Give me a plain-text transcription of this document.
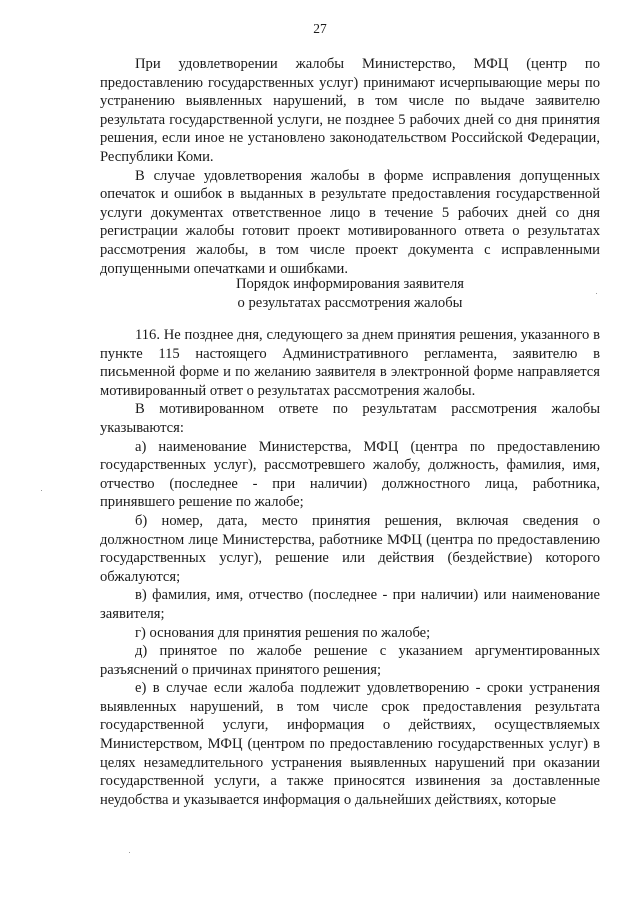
27

При удовлетворении жалобы Министерство, МФЦ (центр по предоставлению государственных услуг) принимают исчерпывающие меры по устранению выявленных нарушений, в том числе по выдаче заявителю результата государственной услуги, не позднее 5 рабочих дней со дня принятия решения, если иное не установлено законодательством Российской Федерации, Республики Коми.

В случае удовлетворения жалобы в форме исправления допущенных опечаток и ошибок в выданных в результате предоставления государственной услуги документах ответственное лицо в течение 5 рабочих дней со дня регистрации жалобы готовит проект мотивированного ответа о результатах рассмотрения жалобы, в том числе проект документа с исправленными допущенными опечатками и ошибками.

Порядок информирования заявителя
о результатах рассмотрения жалобы

116. Не позднее дня, следующего за днем принятия решения, указанного в пункте 115 настоящего Административного регламента, заявителю в письменной форме и по желанию заявителя в электронной форме направляется мотивированный ответ о результатах рассмотрения жалобы.

В мотивированном ответе по результатам рассмотрения жалобы указываются:

а) наименование Министерства, МФЦ (центра по предоставлению государственных услуг), рассмотревшего жалобу, должность, фамилия, имя, отчество (последнее - при наличии) должностного лица, работника, принявшего решение по жалобе;

б) номер, дата, место принятия решения, включая сведения о должностном лице Министерства, работнике МФЦ (центра по предоставлению государственных услуг), решение или действия (бездействие) которого обжалуются;

в) фамилия, имя, отчество (последнее - при наличии) или наименование заявителя;

г) основания для принятия решения по жалобе;

д) принятое по жалобе решение с указанием аргументированных разъяснений о причинах принятого решения;

е) в случае если жалоба подлежит удовлетворению - сроки устранения выявленных нарушений, в том числе срок предоставления результата государственной услуги, информация о действиях, осуществляемых Министерством, МФЦ (центром по предоставлению государственных услуг) в целях незамедлительного устранения выявленных нарушений при оказании государственной услуги, а также приносятся извинения за доставленные неудобства и указывается информация о дальнейших действиях, которые
